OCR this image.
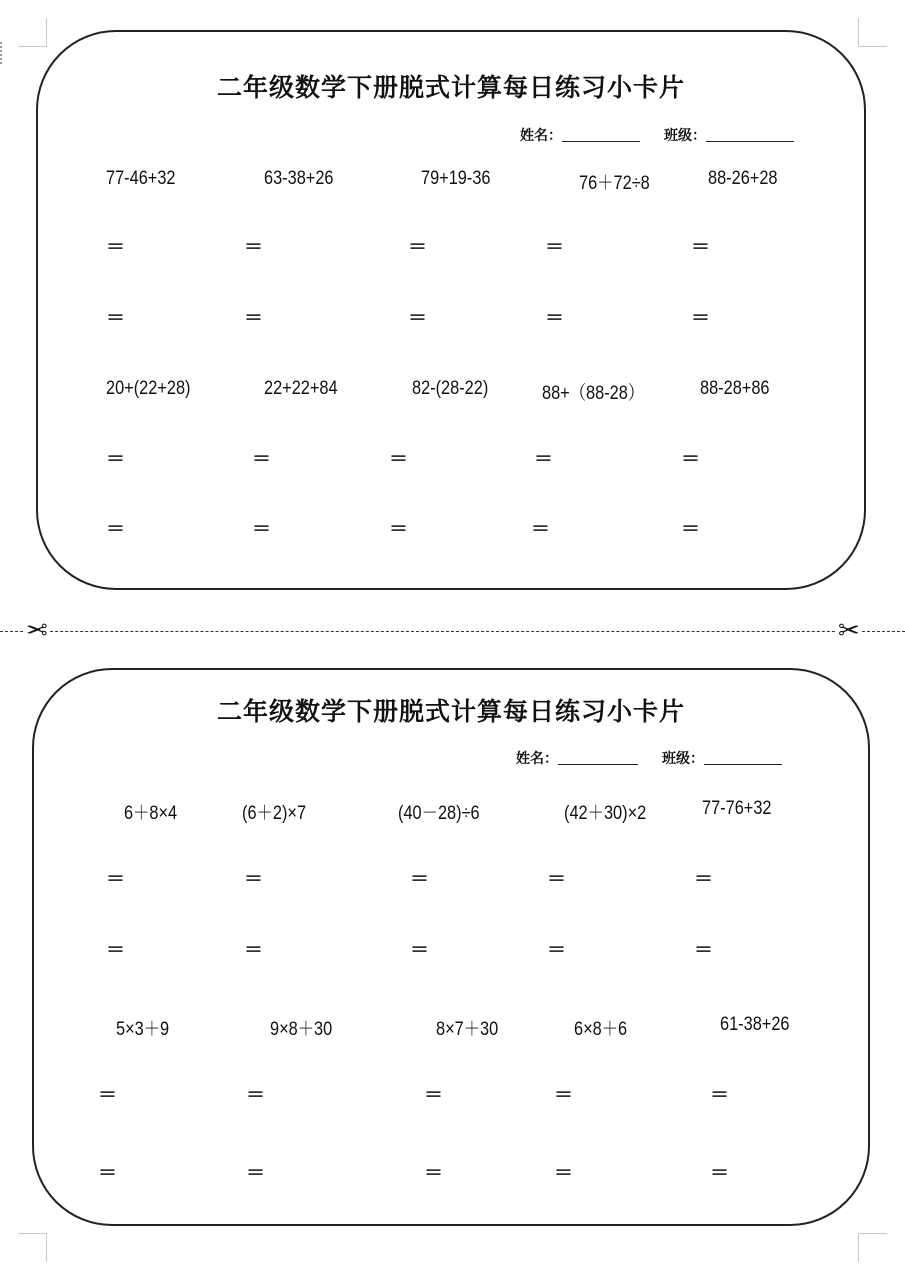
二年级数学下册脱式计算每日练习小卡片
姓名：	班级：
77-46+32	63-38+26	79+19-36	76＋72÷8	88-26+28
＝	＝	＝	＝	＝
＝	＝	＝	＝	＝
20+(22+28)	22+22+84	82-(28-22)	88+（88-28）	88-28+86
＝	＝	＝	＝	＝
＝	＝	＝	＝	＝
✂	✂
二年级数学下册脱式计算每日练习小卡片
姓名：	班级：
6＋8×4	(6＋2)×7	(40－28)÷6	(42＋30)×2	77-76+32
＝	＝	＝	＝	＝
＝	＝	＝	＝	＝
5×3＋9	9×8＋30	8×7＋30	6×8＋6	61-38+26
＝	＝	＝	＝	＝
＝	＝	＝	＝	＝
